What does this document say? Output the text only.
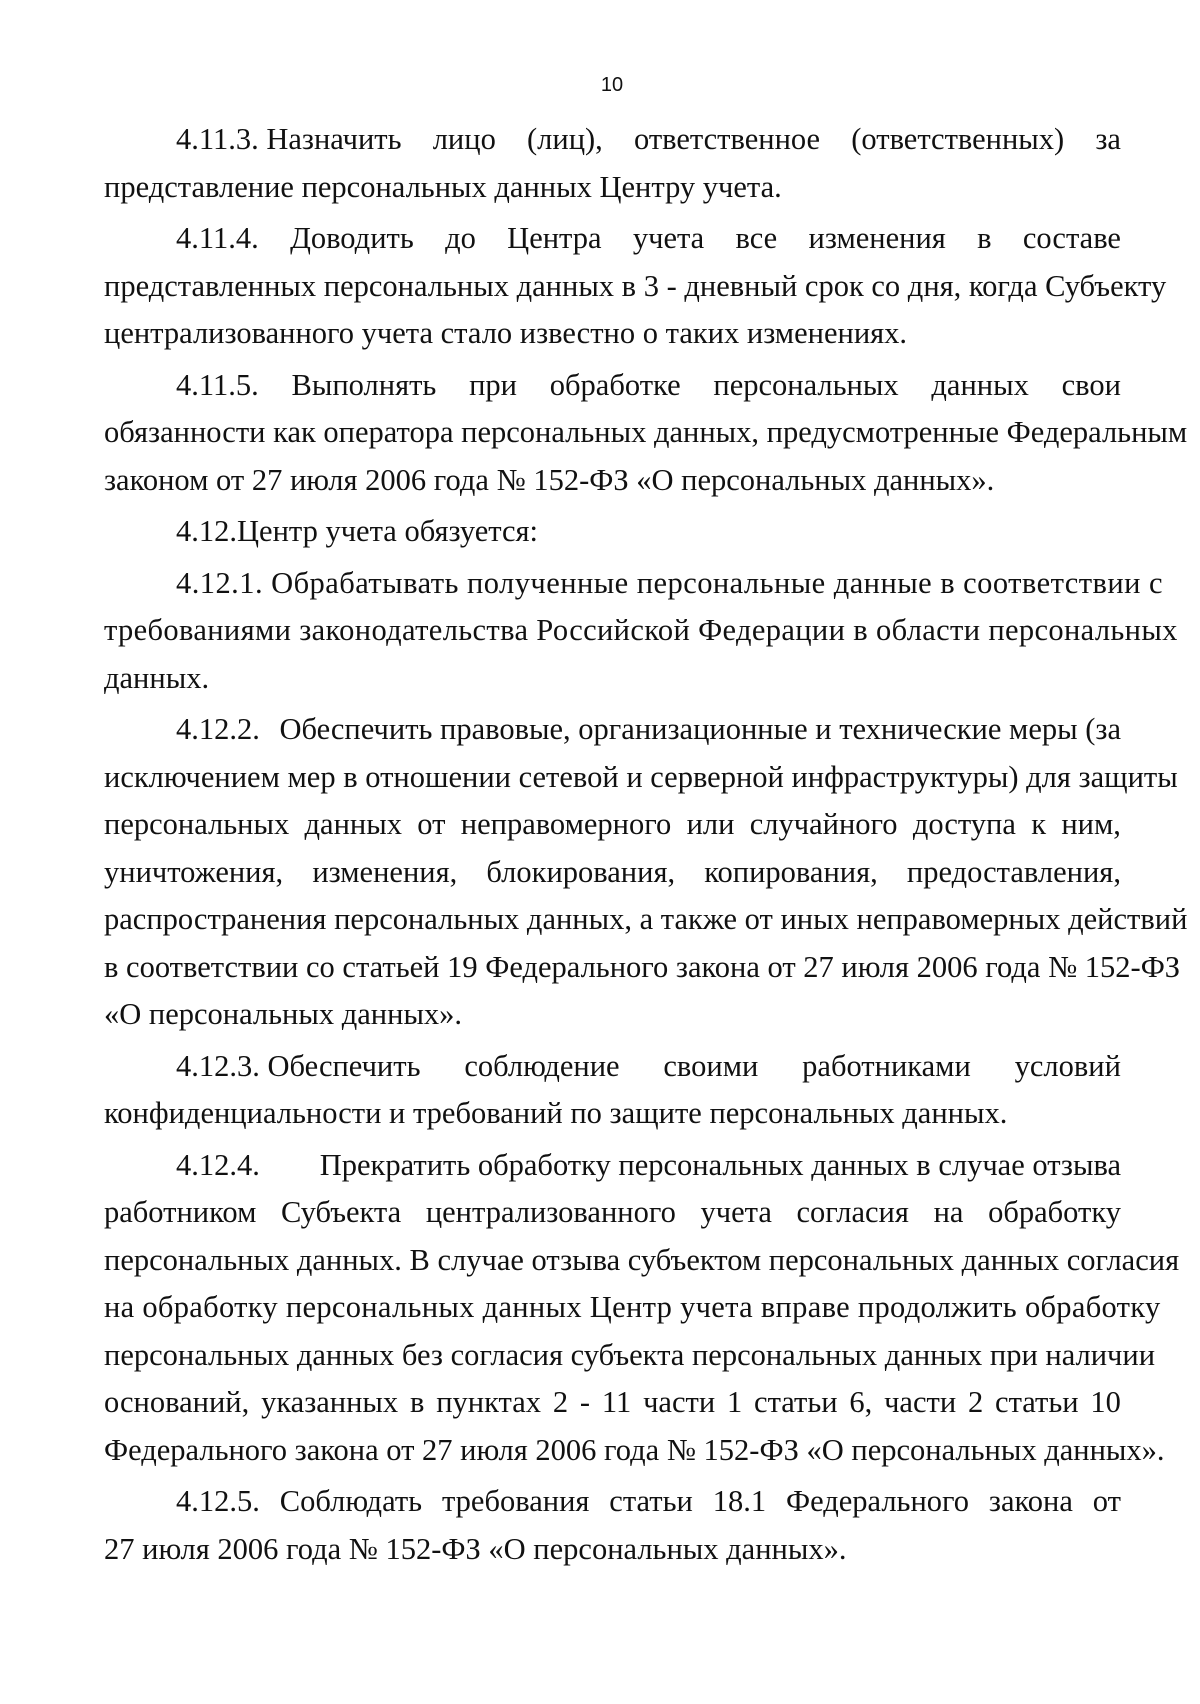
10
4.11.3. Назначить лицо (лиц), ответственное (ответственных) за
представление персональных данных Центру учета.
4.11.4. Доводить до Центра учета все изменения в составе
представленных персональных данных в 3 - дневный срок со дня, когда Субъекту
централизованного учета стало известно о таких изменениях.
4.11.5. Выполнять при обработке персональных данных свои
обязанности как оператора персональных данных, предусмотренные Федеральным
законом от 27 июля 2006 года № 152-ФЗ «О персональных данных».
4.12.Центр учета обязуется:
4.12.1. Обрабатывать полученные персональные данные в соответствии с
требованиями законодательства Российской Федерации в области персональных
данных.
4.12.2. Обеспечить правовые, организационные и технические меры (за
исключением мер в отношении сетевой и серверной инфраструктуры) для защиты
персональных данных от неправомерного или случайного доступа к ним,
уничтожения, изменения, блокирования, копирования, предоставления,
распространения персональных данных, а также от иных неправомерных действий
в соответствии со статьей 19 Федерального закона от 27 июля 2006 года № 152-ФЗ
«О персональных данных».
4.12.3. Обеспечить соблюдение своими работниками условий
конфиденциальности и требований по защите персональных данных.
4.12.4. Прекратить обработку персональных данных в случае отзыва
работником Субъекта централизованного учета согласия на обработку
персональных данных. В случае отзыва субъектом персональных данных согласия
на обработку персональных данных Центр учета вправе продолжить обработку
персональных данных без согласия субъекта персональных данных при наличии
оснований, указанных в пунктах 2 - 11 части 1 статьи 6, части 2 статьи 10
Федерального закона от 27 июля 2006 года № 152-ФЗ «О персональных данных».
4.12.5. Соблюдать требования статьи 18.1 Федерального закона от
27 июля 2006 года № 152-ФЗ «О персональных данных».
